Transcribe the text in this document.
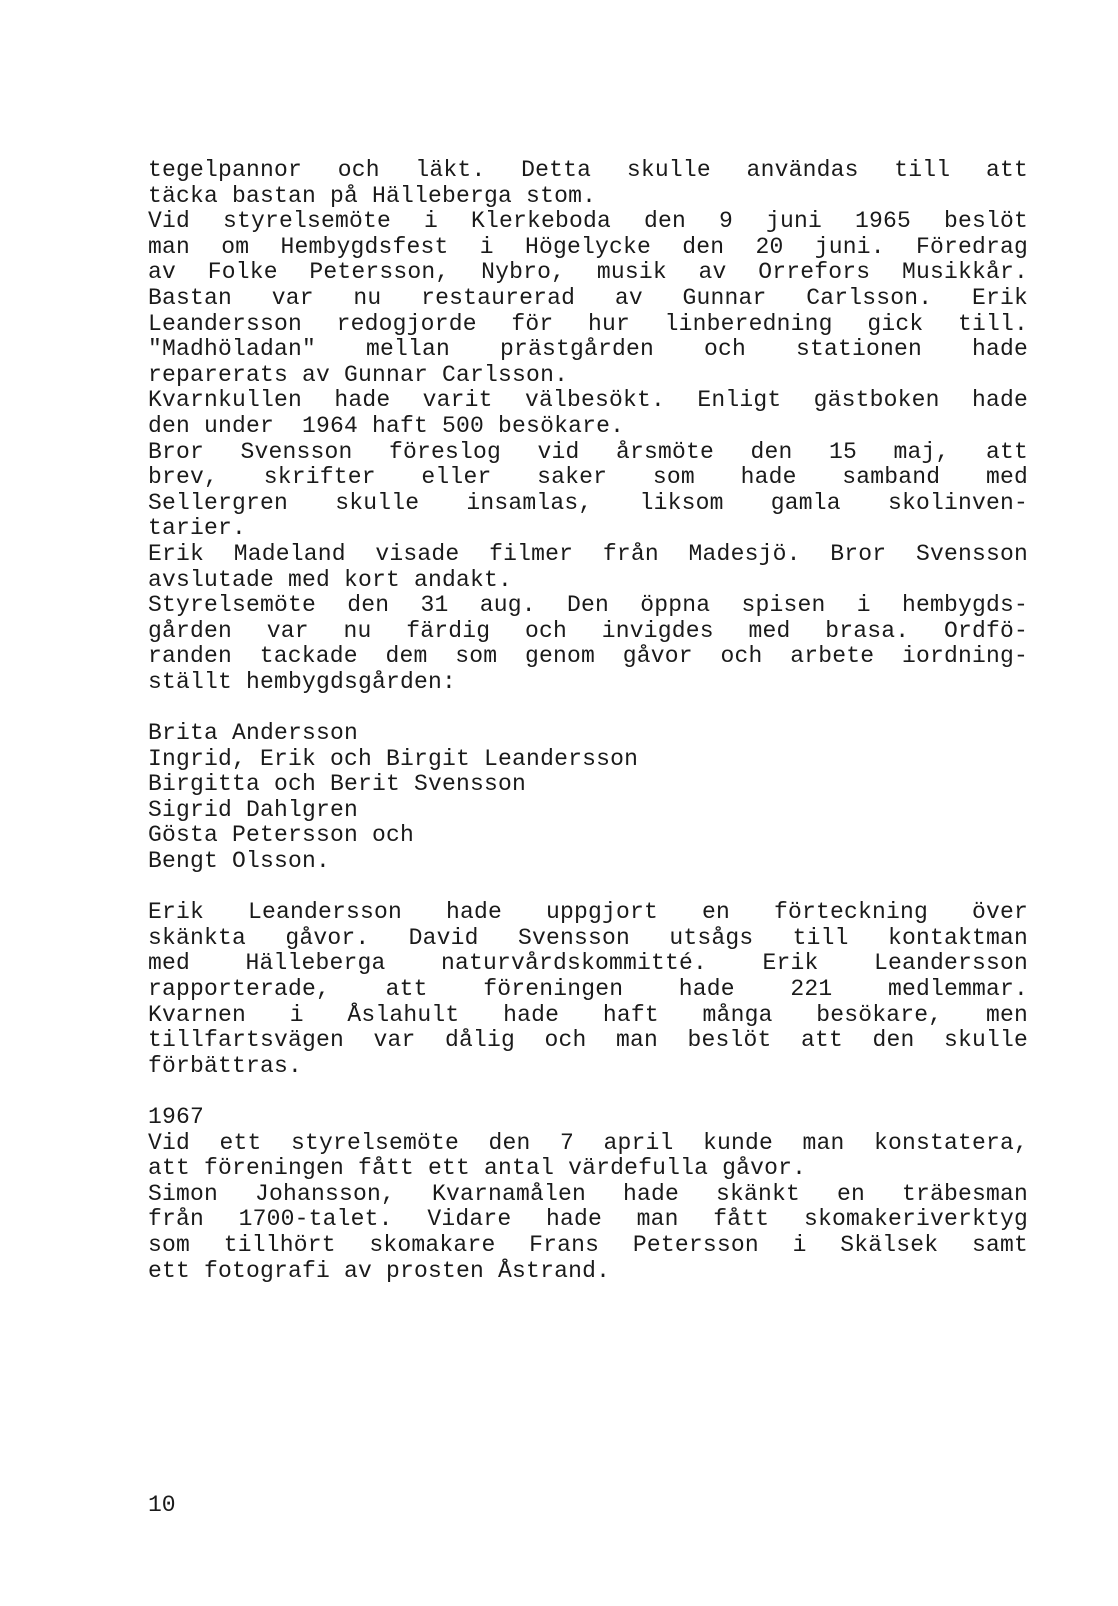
tegelpannor och läkt. Detta skulle användas till att
täcka bastan på Hälleberga stom.
Vid styrelsemöte i Klerkeboda den 9 juni 1965 beslöt
man om Hembygdsfest i Högelycke den 20 juni. Föredrag
av Folke Petersson, Nybro, musik av Orrefors Musikkår.
Bastan var nu restaurerad av Gunnar Carlsson. Erik
Leandersson redogjorde för hur linberedning gick till.
"Madhöladan" mellan prästgården och stationen hade
reparerats av Gunnar Carlsson.
Kvarnkullen hade varit välbesökt. Enligt gästboken hade
den under  1964 haft 500 besökare.
Bror Svensson föreslog vid årsmöte den 15 maj, att
brev, skrifter eller saker som hade samband med
Sellergren skulle insamlas, liksom gamla skolinven-
tarier.
Erik Madeland visade filmer från Madesjö. Bror Svensson
avslutade med kort andakt.
Styrelsemöte den 31 aug. Den öppna spisen i hembygds-
gården var nu färdig och invigdes med brasa. Ordfö-
randen tackade dem som genom gåvor och arbete iordning-
ställt hembygdsgården:
Brita Andersson
Ingrid, Erik och Birgit Leandersson
Birgitta och Berit Svensson
Sigrid Dahlgren
Gösta Petersson och
Bengt Olsson.
Erik Leandersson hade uppgjort en förteckning över
skänkta gåvor. David Svensson utsågs till kontaktman
med Hälleberga naturvårdskommitté. Erik Leandersson
rapporterade, att föreningen hade 221 medlemmar.
Kvarnen i Åslahult hade haft många besökare, men
tillfartsvägen var dålig och man beslöt att den skulle
förbättras.
1967
Vid ett styrelsemöte den 7 april kunde man konstatera,
att föreningen fått ett antal värdefulla gåvor.
Simon Johansson, Kvarnamålen hade skänkt en träbesman
från 1700-talet. Vidare hade man fått skomakeriverktyg
som tillhört skomakare Frans Petersson i Skälsek samt
ett fotografi av prosten Åstrand.
10
